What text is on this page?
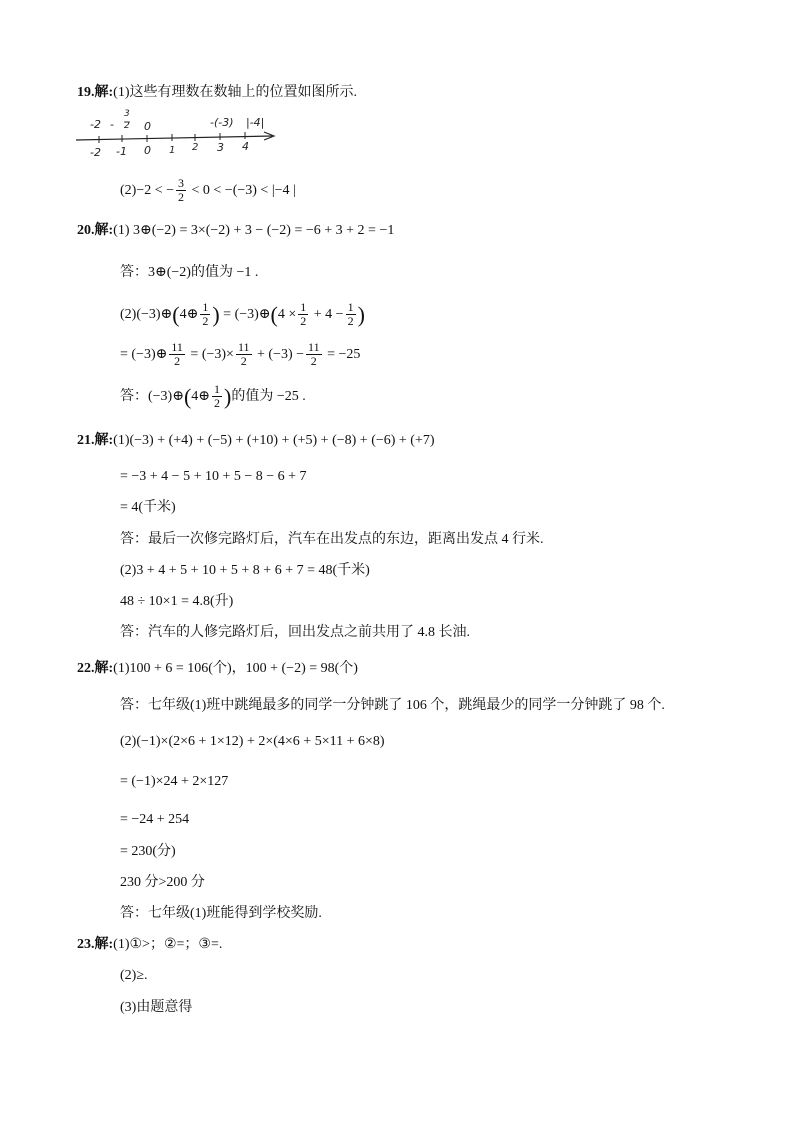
19.解:(1)这些有理数在数轴上的位置如图所示.
-2 -
3
2 0	-(-3) |-4|
-2 -1 0 1 2 3 4
(2)−2 < − $\frac{3}{2} < 0 < -(-3) < |-4$ |
20.解:(1) 3⊕(−2) = 3×(−2) + 3 − (−2) = −6 + 3 + 2 = −1
答：3⊕(−2)的值为 −1 .
(2)(−3)⊕(4⊕ $\frac{1}{2}$ ) = (−3)⊕(4 × $\frac{1}{2} + 4 - \frac{1}{2}$ )
= (−3)⊕ $\frac{11}{2} = (-3)\times \frac{11}{2} + (-3) - \frac{11}{2} = -25$
答：(−3)⊕(4⊕ $\frac{1}{2}$ )的值为 −25 .
21.解:(1)(−3) + (+4) + (−5) + (+10) + (+5) + (−8) + (−6) + (+7)
= −3 + 4 − 5 + 10 + 5 − 8 − 6 + 7
= 4(千米)
答：最后一次修完路灯后，汽车在出发点的东边，距离出发点 4 行米.
(2)3 + 4 + 5 + 10 + 5 + 8 + 6 + 7 = 48(千米)
48 ÷ 10×1 = 4.8(升)
答：汽车的人修完路灯后，回出发点之前共用了 4.8 长油.
22.解:(1)100 + 6 = 106(个)，100 + (−2) = 98(个)
答：七年级(1)班中跳绳最多的同学一分钟跳了 106 个，跳绳最少的同学一分钟跳了 98 个.
(2)(−1)×(2×6 + 1×12) + 2×(4×6 + 5×11 + 6×8)
= (−1)×24 + 2×127
= −24 + 254
= 230(分)
230 分>200 分
答：七年级(1)班能得到学校奖励.
23.解:(1)①>；②=；③=.
(2)≥.
(3)由题意得
